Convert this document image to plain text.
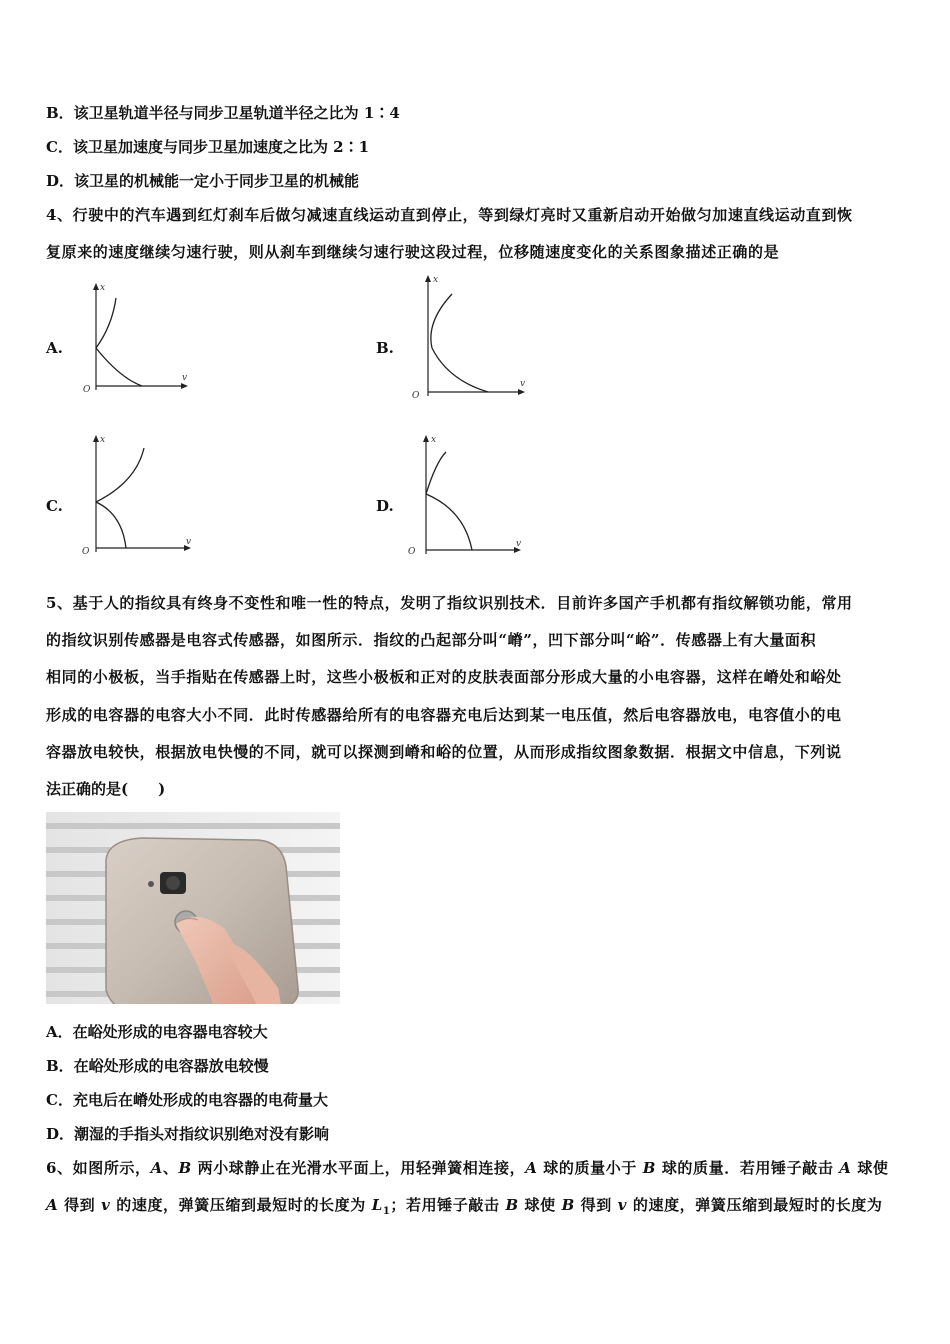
B．该卫星轨道半径与同步卫星轨道半径之比为 1∶4
C．该卫星加速度与同步卫星加速度之比为 2∶1
D．该卫星的机械能一定小于同步卫星的机械能
4、行驶中的汽车遇到红灯刹车后做匀减速直线运动直到停止，等到绿灯亮时又重新启动开始做匀加速直线运动直到恢
复原来的速度继续匀速行驶，则从刹车到继续匀速行驶这段过程，位移随速度变化的关系图象描述正确的是
A.
x
v
O
B.
x
v
O
C.
x
v
O
D.
x
v
O
5、基于人的指纹具有终身不变性和唯一性的特点，发明了指纹识别技术．目前许多国产手机都有指纹解锁功能，常用
的指纹识别传感器是电容式传感器，如图所示．指纹的凸起部分叫“嵴”，凹下部分叫“峪”．传感器上有大量面积
相同的小极板，当手指贴在传感器上时，这些小极板和正对的皮肤表面部分形成大量的小电容器，这样在嵴处和峪处
形成的电容器的电容大小不同．此时传感器给所有的电容器充电后达到某一电压值，然后电容器放电，电容值小的电
容器放电较快，根据放电快慢的不同，就可以探测到嵴和峪的位置，从而形成指纹图象数据．根据文中信息，下列说
法正确的是(　　)
A．在峪处形成的电容器电容较大
B．在峪处形成的电容器放电较慢
C．充电后在嵴处形成的电容器的电荷量大
D．潮湿的手指头对指纹识别绝对没有影响
6、如图所示，A、B 两小球静止在光滑水平面上，用轻弹簧相连接，A 球的质量小于 B 球的质量．若用锤子敲击 A 球使
A 得到 v 的速度，弹簧压缩到最短时的长度为 $L_1$；若用锤子敲击 B 球使 B 得到 v 的速度，弹簧压缩到最短时的长度为
